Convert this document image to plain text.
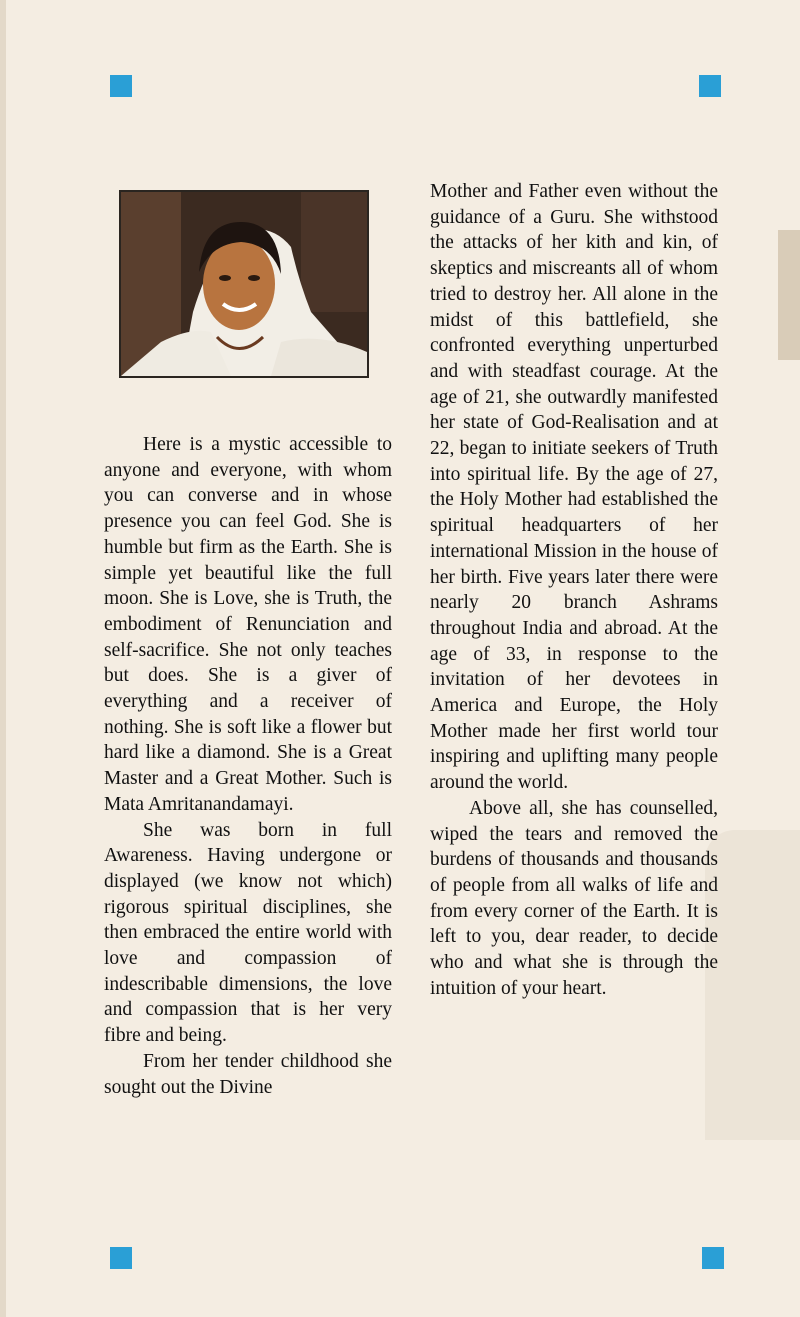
Here is a mystic accessible to anyone and everyone, with whom you can converse and in whose presence you can feel God. She is humble but firm as the Earth. She is simple yet beautiful like the full moon. She is Love, she is Truth, the embodiment of Renunciation and self-sacrifice. She not only teaches but does. She is a giver of everything and a receiver of nothing. She is soft like a flower but hard like a diamond. She is a Great Master and a Great Mother. Such is Mata Amritanandamayi.

She was born in full Awareness. Having undergone or displayed (we know not which) rigorous spiritual disciplines, she then embraced the entire world with love and compassion of indescribable dimensions, the love and compassion that is her very fibre and being.

From her tender childhood she sought out the Divine

Mother and Father even without the guidance of a Guru. She withstood the attacks of her kith and kin, of skeptics and miscreants all of whom tried to destroy her. All alone in the midst of this battlefield, she confronted everything unperturbed and with steadfast courage. At the age of 21, she outwardly manifested her state of God-Realisation and at 22, began to initiate seekers of Truth into spiritual life. By the age of 27, the Holy Mother had established the spiritual headquarters of her international Mission in the house of her birth. Five years later there were nearly 20 branch Ashrams throughout India and abroad. At the age of 33, in response to the invitation of her devotees in America and Europe, the Holy Mother made her first world tour inspiring and uplifting many people around the world.

Above all, she has counselled, wiped the tears and removed the burdens of thousands and thousands of people from all walks of life and from every corner of the Earth. It is left to you, dear reader, to decide who and what she is through the intuition of your heart.
